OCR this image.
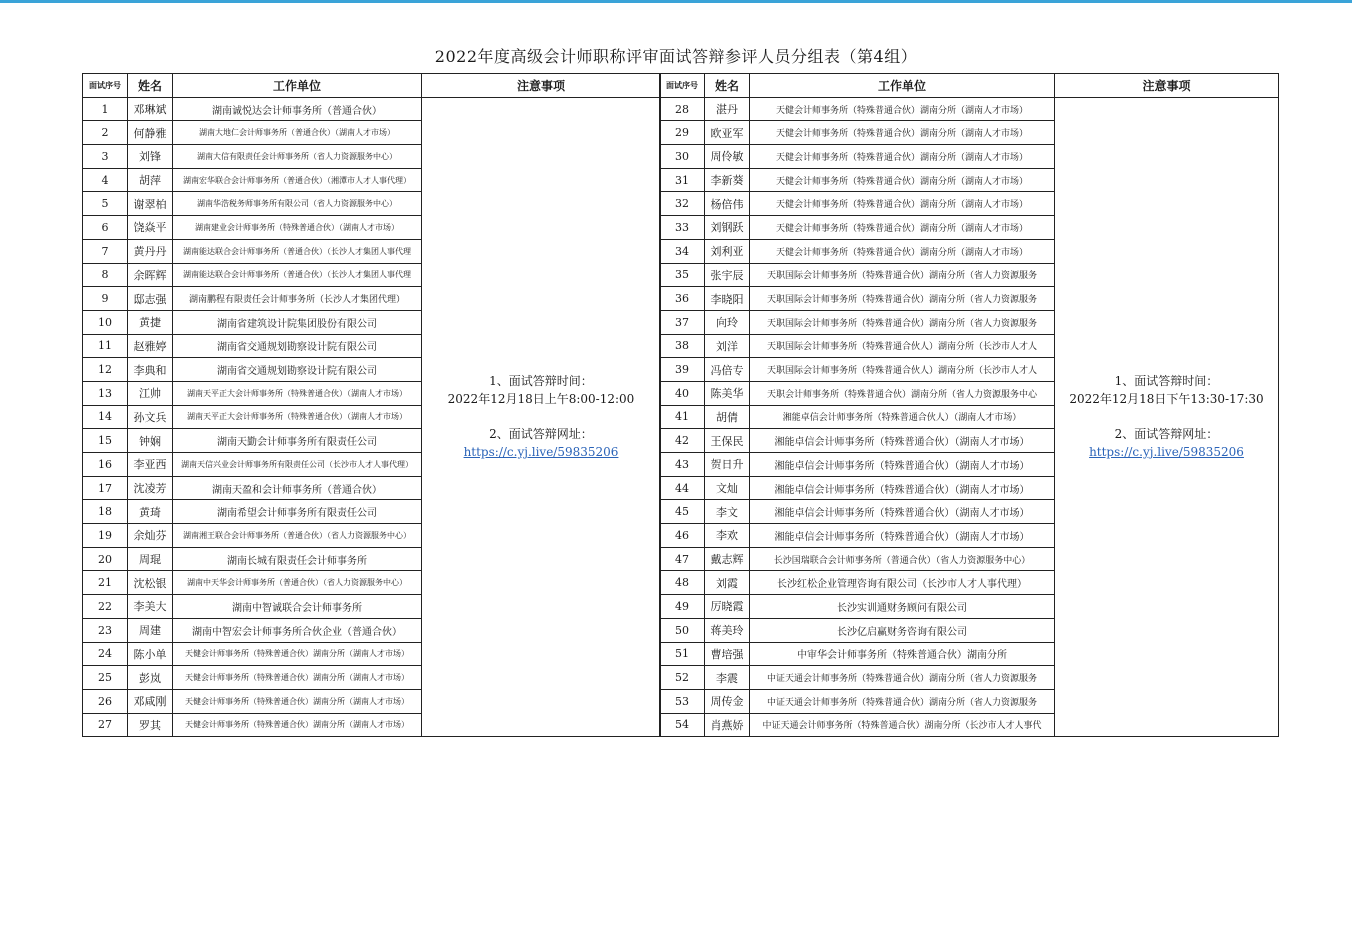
2022年度高级会计师职称评审面试答辩参评人员分组表（第4组）
面试序号	姓名	工作单位	注意事项
1	邓琳斌	湖南诚悦达会计师事务所（普通合伙）	1、面试答辩时间：
2022年12月18日上午8:00-12:00
2、面试答辩网址：
https://c.yj.live/59835206

2	何静雅	湖南大地仁会计师事务所（普通合伙）（湖南人才市场）	
3	刘锋	湖南大信有限责任会计师事务所（省人力资源服务中心）	
4	胡萍	湖南宏华联合会计师事务所（普通合伙）（湘潭市人才人事代理）	
5	谢翠柏	湖南华浩税务师事务所有限公司（省人力资源服务中心）	
6	饶焱平	湖南建业会计师事务所（特殊普通合伙）（湖南人才市场）	
7	黄丹丹	湖南能达联合会计师事务所（普通合伙）（长沙人才集团人事代理	
8	余晖辉	湖南能达联合会计师事务所（普通合伙）（长沙人才集团人事代理	
9	邸志强	湖南鹏程有限责任会计师事务所（长沙人才集团代理）	
10	黄捷	湖南省建筑设计院集团股份有限公司	
11	赵雅婷	湖南省交通规划勘察设计院有限公司	
12	李典和	湖南省交通规划勘察设计院有限公司	
13	江帅	湖南天平正大会计师事务所（特殊普通合伙）（湖南人才市场）	
14	孙文兵	湖南天平正大会计师事务所（特殊普通合伙）（湖南人才市场）	
15	钟娴	湖南天勤会计师事务所有限责任公司	
16	李亚西	湖南天信兴业会计师事务所有限责任公司（长沙市人才人事代理）	
17	沈凌芳	湖南天盈和会计师事务所（普通合伙）	
18	黄琦	湖南希望会计师事务所有限责任公司	
19	余灿芬	湖南湘王联合会计师事务所（普通合伙）（省人力资源服务中心）	
20	周琨	湖南长城有限责任会计师事务所	
21	沈松银	湖南中天华会计师事务所（普通合伙）（省人力资源服务中心）	
22	李美大	湖南中智诚联合会计师事务所	
23	周建	湖南中智宏会计师事务所合伙企业（普通合伙）	
24	陈小单	天健会计师事务所（特殊普通合伙）湖南分所（湖南人才市场）	
25	彭岚	天健会计师事务所（特殊普通合伙）湖南分所（湖南人才市场）	
26	邓咸刚	天健会计师事务所（特殊普通合伙）湖南分所（湖南人才市场）	
27	罗其	天健会计师事务所（特殊普通合伙）湖南分所（湖南人才市场）	
面试序号	姓名	工作单位	注意事项
28	湛丹	天健会计师事务所（特殊普通合伙）湖南分所（湖南人才市场）	1、面试答辩时间：
2022年12月18日下午13:30-17:30
2、面试答辩网址：
https://c.yj.live/59835206

29	欧亚军	天健会计师事务所（特殊普通合伙）湖南分所（湖南人才市场）	
30	周伶敏	天健会计师事务所（特殊普通合伙）湖南分所（湖南人才市场）	
31	李新葵	天健会计师事务所（特殊普通合伙）湖南分所（湖南人才市场）	
32	杨倍伟	天健会计师事务所（特殊普通合伙）湖南分所（湖南人才市场）	
33	刘钢跃	天健会计师事务所（特殊普通合伙）湖南分所（湖南人才市场）	
34	刘利亚	天健会计师事务所（特殊普通合伙）湖南分所（湖南人才市场）	
35	张宇辰	天职国际会计师事务所（特殊普通合伙）湖南分所（省人力资源服务	
36	李晓阳	天职国际会计师事务所（特殊普通合伙）湖南分所（省人力资源服务	
37	向玲	天职国际会计师事务所（特殊普通合伙）湖南分所（省人力资源服务	
38	刘洋	天职国际会计师事务所（特殊普通合伙人）湖南分所（长沙市人才人	
39	冯倍专	天职国际会计师事务所（特殊普通合伙人）湖南分所（长沙市人才人	
40	陈美华	天职会计师事务所（特殊普通合伙）湖南分所（省人力资源服务中心	
41	胡倩	湘能卓信会计师事务所（特殊普通合伙人）（湖南人才市场）	
42	王保民	湘能卓信会计师事务所（特殊普通合伙）（湖南人才市场）	
43	贺日升	湘能卓信会计师事务所（特殊普通合伙）（湖南人才市场）	
44	文灿	湘能卓信会计师事务所（特殊普通合伙）（湖南人才市场）	
45	李文	湘能卓信会计师事务所（特殊普通合伙）（湖南人才市场）	
46	李欢	湘能卓信会计师事务所（特殊普通合伙）（湖南人才市场）	
47	戴志辉	长沙国瑞联合会计师事务所（普通合伙）（省人力资源服务中心）	
48	刘霞	长沙红松企业管理咨询有限公司（长沙市人才人事代理）	
49	厉晓霞	长沙实训通财务顾问有限公司	
50	蒋美玲	长沙亿启赢财务咨询有限公司	
51	曹培强	中审华会计师事务所（特殊普通合伙）湖南分所	
52	李震	中证天通会计师事务所（特殊普通合伙）湖南分所（省人力资源服务	
53	周传金	中证天通会计师事务所（特殊普通合伙）湖南分所（省人力资源服务	
54	肖燕娇	中证天通会计师事务所（特殊普通合伙）湖南分所（长沙市人才人事代	
